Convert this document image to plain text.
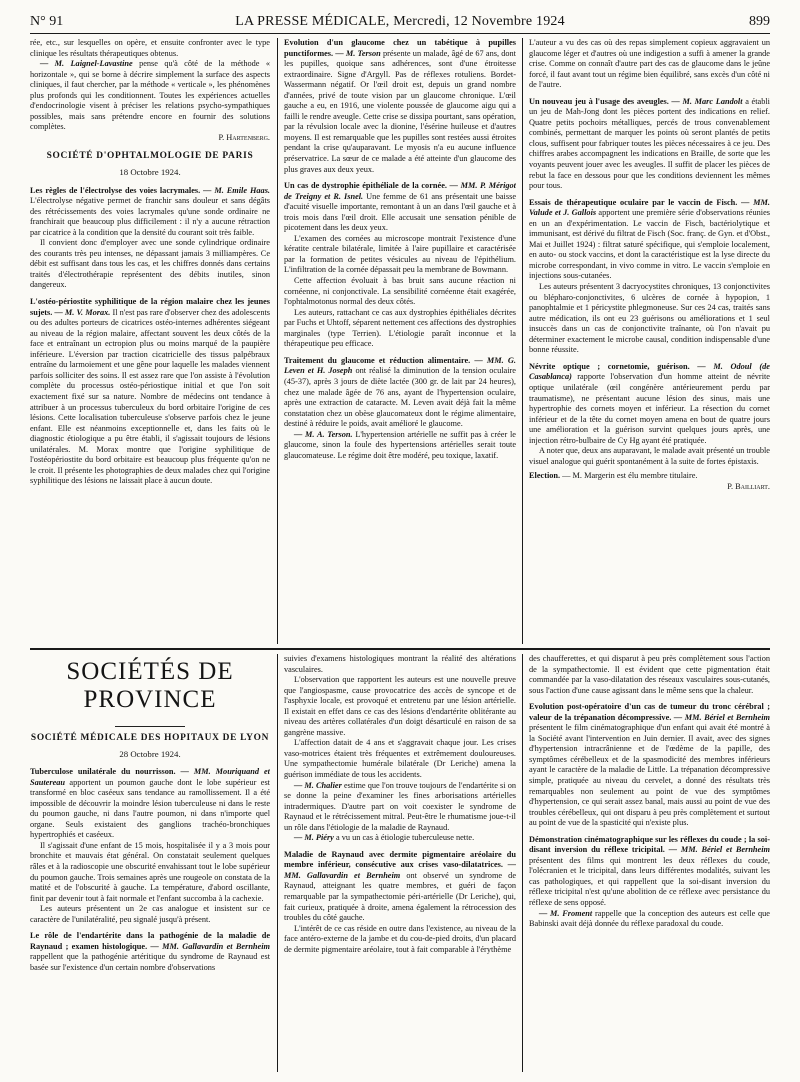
N° 91	LA PRESSE MÉDICALE, Mercredi, 12 Novembre 1924	899

rée, etc., sur lesquelles on opère, et ensuite confronter avec le type clinique les résultats thérapeutiques obtenus.

— M. Laignel-Lavastine pense qu'à côté de la méthode « horizontale », qui se borne à décrire simplement la surface des aspects cliniques, il faut chercher, par la méthode « verticale », les phénomènes plus profonds qui les conditionnent. Toutes les expériences actuelles d'endocrinologie visent à préciser les relations psycho-sympathiques possibles, mais sans prétendre encore en fournir des solutions complètes.

P. Hartenberg.

SOCIÉTÉ D'OPHTALMOLOGIE DE PARIS

18 Octobre 1924.

Les règles de l'électrolyse des voies lacrymales. — M. Emile Haas. L'électrolyse négative permet de franchir sans douleur et sans dégâts des rétrécissements des voies lacrymales qu'une sonde ordinaire ne franchirait que beaucoup plus difficilement : il n'y a aucune rétraction par cicatrice à la condition que la densité du courant soit très faible.

Il convient donc d'employer avec une sonde cylindrique ordinaire des courants très peu intenses, ne dépassant jamais 3 milliampères. Ce débit est suffisant dans tous les cas, et les chiffres donnés dans certains traités d'électrothérapie représentent des débits inutiles, sinon dangereux.

L'ostéo-périostite syphilitique de la région malaire chez les jeunes sujets. — M. V. Morax. Il n'est pas rare d'observer chez des adolescents ou des adultes porteurs de cicatrices ostéo-internes adhérentes siégeant au niveau de la région malaire, affectant souvent les deux côtés de la face et entraînant un ectropion plus ou moins marqué de la paupière inférieure. L'éversion par traction cicatricielle des tissus palpébraux entraîne du larmoiement et une gêne pour laquelle les malades viennent parfois solliciter des soins. Il est assez rare que l'on assiste à l'évolution complète du processus ostéo-périostique initial et que l'on soit exactement fixé sur sa nature. Nombre de médecins ont tendance à attribuer à un processus tuberculeux du bord orbitaire l'origine de ces lésions. Cette localisation tuberculeuse s'observe parfois chez le jeune enfant. Elle est néanmoins exceptionnelle et, dans les faits où le diagnostic étiologique a pu être établi, il s'agissait toujours de lésions unilatérales. M. Morax montre que l'origine syphilitique de l'ostéopériostite du bord orbitaire est beaucoup plus fréquente qu'on ne le croit. Il présente les photographies de deux malades chez qui l'origine syphilitique des lésions ne laissait place à aucun doute.

Evolution d'un glaucome chez un tabétique à pupilles punctiformes. — M. Terson présente un malade, âgé de 67 ans, dont les pupilles, quoique sans adhérences, sont d'une étroitesse extraordinaire. Signe d'Argyll. Pas de réflexes rotuliens. Bordet-Wassermann négatif. Or l'œil droit est, depuis un grand nombre d'années, privé de toute vision par un glaucome chronique. L'œil gauche a eu, en 1916, une violente poussée de glaucome aigu qui a failli le rendre aveugle. Cette crise se dissipa pourtant, sans opération, par la révulsion locale avec la dionine, l'ésérine huileuse et d'autres moyens. Il est remarquable que les pupilles sont restées aussi étroites pendant la crise qu'auparavant. Le myosis n'a eu aucune influence préservatrice. La sœur de ce malade a été atteinte d'un glaucome des plus graves aux deux yeux.

Un cas de dystrophie épithéliale de la cornée. — MM. P. Mérigot de Treigny et R. Isnel. Une femme de 61 ans présentait une baisse d'acuité visuelle importante, remontant à un an dans l'œil gauche et à trois mois dans l'œil droit. Elle accusait une sensation pénible de picotement dans les deux yeux.

L'examen des cornées au microscope montrait l'existence d'une kératite centrale bilatérale, limitée à l'aire pupillaire et caractérisée par la formation de petites vésicules au niveau de l'épithélium. L'infiltration de la cornée dépassait peu la membrane de Bowmann.

Cette affection évoluait à bas bruit sans aucune réaction ni cornéenne, ni conjonctivale. La sensibilité cornéenne était exagérée, l'ophtalmotonus normal des deux côtés.

Les auteurs, rattachant ce cas aux dystrophies épithéliales décrites par Fuchs et Uhtoff, séparent nettement ces affections des dystrophies marginales (type Terrien). L'étiologie paraît inconnue et la thérapeutique peu efficace.

Traitement du glaucome et réduction alimentaire. — MM. G. Leven et H. Joseph ont réalisé la diminution de la tension oculaire (45-37), après 3 jours de diète lactée (300 gr. de lait par 24 heures), chez une malade âgée de 76 ans, ayant de l'hypertension oculaire, après une extraction de cataracte. M. Leven avait déjà fait la même constatation chez un obèse glaucomateux dont le régime alimentaire, destiné à réduire le poids, avait amélioré le glaucome.

— M. A. Terson. L'hypertension artérielle ne suffit pas à créer le glaucome, sinon la foule des hypertensions artérielles serait toute glaucomateuse. Le régime doit être modéré, peu toxique, laxatif.

L'auteur a vu des cas où des repas simplement copieux aggravaient un glaucome léger et d'autres où une indigestion a suffi à amener la grande crise. Comme on connaît d'autre part des cas de glaucome dans le jeûne forcé, il faut avant tout un régime bien équilibré, sans excès d'un côté ni de l'autre.

Un nouveau jeu à l'usage des aveugles. — M. Marc Landolt a établi un jeu de Mah-Jong dont les pièces portent des indications en relief. Quatre petits pochoirs métalliques, percés de trous convenablement combinés, permettant de marquer les points où seront plantés de petits clous, suffisent pour fabriquer toutes les pièces nécessaires à ce jeu. Des chiffres arabes accompagnent les indications en Braille, de sorte que les voyants peuvent jouer avec les aveugles. Il suffit de placer les pièces de rebut la face en dessous pour que les conditions deviennent les mêmes pour tous.

Essais de thérapeutique oculaire par le vaccin de Fisch. — MM. Valude et J. Gallois apportent une première série d'observations réunies en un an d'expérimentation. Le vaccin de Fisch, bactériolytique et immunisant, est dérivé du filtrat de Fisch (Soc. franç. de Gyn. et d'Obst., Mai et Juillet 1924) : filtrat saturé spécifique, qui s'emploie localement, en auto- ou stock vaccins, et dont la caractéristique est la lyse directe du microbe correspondant, in vivo comme in vitro. Le vaccin s'emploie en injections sous-cutanées.

Les auteurs présentent 3 dacryocystites chroniques, 13 conjonctivites ou blépharo-conjonctivites, 6 ulcères de cornée à hypopion, 1 panophtalmie et 1 péricystite phlegmoneuse. Sur ces 24 cas, traités sans autre médication, ils ont eu 23 guérisons ou améliorations et 1 seul insuccès dans un cas de conjonctivite traînante, où l'on n'avait pu déterminer exactement le microbe causal, condition indispensable d'une bonne réussite.

Névrite optique ; cornetomie, guérison. — M. Odoul (de Casablanca) rapporte l'observation d'un homme atteint de névrite optique unilatérale (œil congénère antérieurement perdu par traumatisme), ne présentant aucune lésion des sinus, mais une hypertrophie des cornets moyen et inférieur. La résection du cornet inférieur et de la tête du cornet moyen amena en bout de quatre jours une amélioration et la guérison survint quelques jours après, une injection rétro-bulbaire de Cy Hg ayant été pratiquée.

A noter que, deux ans auparavant, le malade avait présenté un trouble visuel analogue qui guérit spontanément à la suite de fortes épistaxis.

Election. — M. Margerin est élu membre titulaire.

P. Bailliart.

SOCIÉTÉS DE PROVINCE

SOCIÉTÉ MÉDICALE DES HOPITAUX DE LYON

28 Octobre 1924.

Tuberculose unilatérale du nourrisson. — MM. Mouriquand et Sautereau apportent un poumon gauche dont le lobe supérieur est transformé en bloc caséeux sans tendance au ramollissement. Il a été impossible de découvrir la moindre lésion tuberculeuse ni dans le reste du poumon gauche, ni dans l'autre poumon, ni dans n'importe quel organe. Seuls existaient des ganglions trachéo-bronchiques hypertrophiés et caséeux.

Il s'agissait d'une enfant de 15 mois, hospitalisée il y a 3 mois pour bronchite et mauvais état général. On constatait seulement quelques râles et à la radioscopie une obscurité envahissant tout le lobe supérieur du poumon gauche. Trois semaines après une rougeole on constata de la matité et de l'obscurité à gauche. La température, d'abord oscillante, finit par devenir tout à fait normale et l'enfant succomba à la cachexie.

Les auteurs présentent un 2e cas analogue et insistent sur ce caractère de l'unilatéralité, peu signalé jusqu'à présent.

Le rôle de l'endartérite dans la pathogénie de la maladie de Raynaud ; examen histologique. — MM. Gallavardin et Bernheim rappellent que la pathogénie artéritique du syndrome de Raynaud est basée sur l'existence d'un certain nombre d'observations

suivies d'examens histologiques montrant la réalité des altérations vasculaires.

L'observation que rapportent les auteurs est une nouvelle preuve que l'angiospasme, cause provocatrice des accès de syncope et de l'asphyxie locale, est provoqué et entretenu par une lésion artérielle. Il existait en effet dans ce cas des lésions d'endartérite oblitérante au niveau des artères collatérales d'un doigt désarticulé en raison de sa gangrène massive.

L'affection datait de 4 ans et s'aggravait chaque jour. Les crises vaso-motrices étaient très fréquentes et extrêmement douloureuses. Une sympathectomie humérale bilatérale (Dr Leriche) amena la guérison immédiate de tous les accidents.

— M. Chalier estime que l'on trouve toujours de l'endartérite si on se donne la peine d'examiner les fines arborisations artérielles intradermiques. D'autre part on voit coexister le syndrome de Raynaud et le rétrécissement mitral. Peut-être le rhumatisme joue-t-il un rôle dans l'étiologie de la maladie de Raynaud.

— M. Piéry a vu un cas à étiologie tuberculeuse nette.

Maladie de Raynaud avec dermite pigmentaire aréolaire du membre inférieur, consécutive aux crises vaso-dilatatrices. — MM. Gallavardin et Bernheim ont observé un syndrome de Raynaud, atteignant les quatre membres, et guéri de façon remarquable par la sympathectomie péri-artérielle (Dr Leriche), qui, fait curieux, pratiquée à droite, amena également la rétrocession des troubles du côté gauche.

L'intérêt de ce cas réside en outre dans l'existence, au niveau de la face antéro-externe de la jambe et du cou-de-pied droits, d'un placard de dermite pigmentaire aréolaire, tout à fait comparable à l'érythème

des chaufferettes, et qui disparut à peu près complètement sous l'action de la sympathectomie. Il est évident que cette pigmentation était commandée par la vaso-dilatation des réseaux vasculaires sous-cutanés, sous l'action d'une cause agissant dans le même sens que la chaleur.

Evolution post-opératoire d'un cas de tumeur du tronc cérébral ; valeur de la trépanation décompressive. — MM. Bériel et Bernheim présentent le film cinématographique d'un enfant qui avait été montré à la Société avant l'intervention en Juin dernier. Il avait, avec des signes d'hypertension intracrânienne et de l'œdème de la papille, des symptômes cérébelleux et de la spasmodicité des membres inférieurs ayant le caractère de la maladie de Little. La trépanation décompressive simple, pratiquée au niveau du cervelet, a donné des résultats très remarquables non seulement au point de vue des symptômes d'hypertension, ce qui serait assez banal, mais aussi au point de vue des troubles cérébelleux, qui ont disparu à peu près complètement et surtout au point de vue de la spasticité qui n'existe plus.

Démonstration cinématographique sur les réflexes du coude ; la soi-disant inversion du réflexe tricipital. — MM. Bériel et Bernheim présentent des films qui montrent les deux réflexes du coude, l'olécranien et le tricipital, dans leurs différentes modalités, suivant les cas pathologiques, et qui rappellent que la soi-disant inversion du réflexe tricipital n'est qu'une abolition de ce réflexe avec persistance du réflexe de sens opposé.

— M. Froment rappelle que la conception des auteurs est celle que Babinski avait déjà donnée du réflexe paradoxal du coude.
